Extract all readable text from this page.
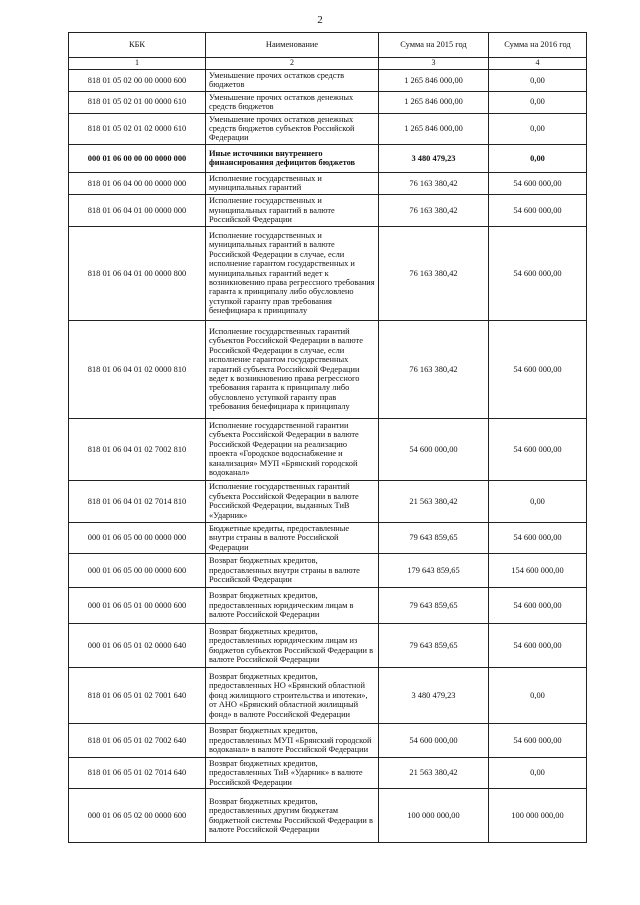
2
КБК	Наименование	Сумма на 2015 год	Сумма на 2016 год
1	2	3	4
818 01 05 02 00 00 0000 600	Уменьшение прочих остатков средств бюджетов	1 265 846 000,00	0,00
818 01 05 02 01 00 0000 610	Уменьшение прочих остатков денежных средств бюджетов	1 265 846 000,00	0,00
818 01 05 02 01 02 0000 610	Уменьшение прочих остатков денежных средств бюджетов субъектов Российской Федерации	1 265 846 000,00	0,00
000 01 06 00 00 00 0000 000	Иные источники внутреннего финансирования дефицитов бюджетов	3 480 479,23	0,00
818 01 06 04 00 00 0000 000	Исполнение государственных и муниципальных гарантий	76 163 380,42	54 600 000,00
818 01 06 04 01 00 0000 000	Исполнение государственных и муниципальных гарантий в валюте Российской Федерации	76 163 380,42	54 600 000,00
818 01 06 04 01 00 0000 800	Исполнение государственных и муниципальных гарантий в валюте Российской Федерации в случае, если исполнение гарантом государственных и муниципальных гарантий ведет к возникновению права регрессного требования гаранта к принципалу либо обусловлено уступкой гаранту прав требования бенефициара к принципалу	76 163 380,42	54 600 000,00
818 01 06 04 01 02 0000 810	Исполнение государственных гарантий субъектов Российской Федерации в валюте Российской Федерации в случае, если исполнение гарантом государственных гарантий субъекта Российской Федерации ведет к возникновению права регрессного требования гаранта к принципалу либо обусловлено уступкой гаранту прав требования бенефициара к принципалу	76 163 380,42	54 600 000,00
818 01 06 04 01 02 7002 810	Исполнение государственной гарантии субъекта Российской Федерации в валюте Российской Федерации на реализацию проекта «Городское водоснабжение и канализация» МУП «Брянский городской водоканал»	54 600 000,00	54 600 000,00
818 01 06 04 01 02 7014 810	Исполнение государственных гарантий субъекта Российской Федерации в валюте Российской Федерации, выданных ТиВ «Ударник»	21 563 380,42	0,00
000 01 06 05 00 00 0000 000	Бюджетные кредиты, предоставленные внутри страны в валюте Российской Федерации	79 643 859,65	54 600 000,00
000 01 06 05 00 00 0000 600	Возврат бюджетных кредитов, предоставленных внутри страны в валюте Российской Федерации	179 643 859,65	154 600 000,00
000 01 06 05 01 00 0000 600	Возврат бюджетных кредитов, предоставленных юридическим лицам в валюте Российской Федерации	79 643 859,65	54 600 000,00
000 01 06 05 01 02 0000 640	Возврат бюджетных кредитов, предоставленных юридическим лицам из бюджетов субъектов Российской Федерации в валюте Российской Федерации	79 643 859,65	54 600 000,00
818 01 06 05 01 02 7001 640	Возврат бюджетных кредитов, предоставленных НО «Брянский областной фонд жилищного строительства и ипотеки», от АНО «Брянский областной жилищный фонд» в валюте Российской Федерации	3 480 479,23	0,00
818 01 06 05 01 02 7002 640	Возврат бюджетных кредитов, предоставленных МУП «Брянский городской водоканал» в валюте Российской Федерации	54 600 000,00	54 600 000,00
818 01 06 05 01 02 7014 640	Возврат бюджетных кредитов, предоставленных ТиВ «Ударник» в валюте Российской Федерации	21 563 380,42	0,00
000 01 06 05 02 00 0000 600	Возврат бюджетных кредитов, предоставленных другим бюджетам бюджетной системы Российской Федерации в валюте Российской Федерации	100 000 000,00	100 000 000,00
